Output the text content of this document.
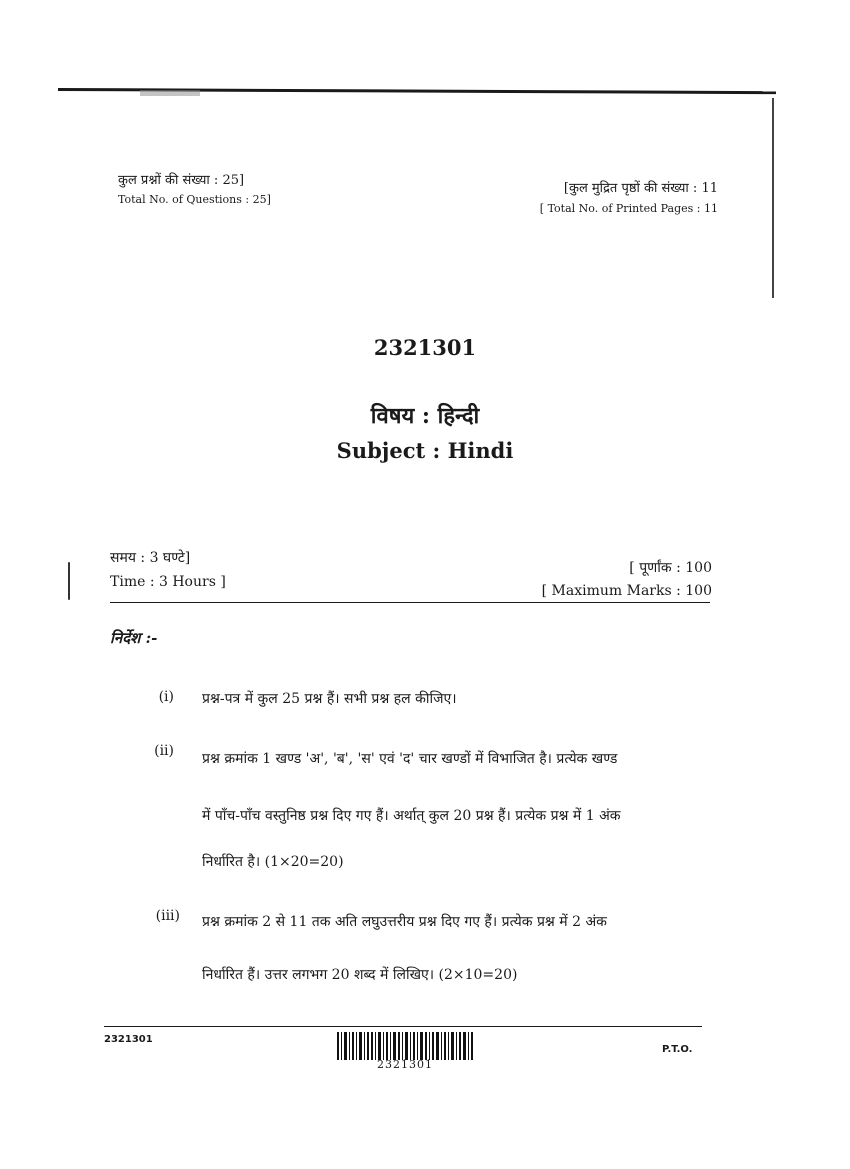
कुल प्रश्नों की संख्या : 25]
Total No. of Questions : 25]
[कुल मुद्रित पृष्ठों की संख्या : 11
[ Total No. of Printed Pages : 11
2321301
विषय : हिन्दी
Subject : Hindi
समय : 3 घण्टे]
Time : 3 Hours ]
[ पूर्णांक : 100
[ Maximum Marks : 100
निर्देश :-
(i) प्रश्न-पत्र में कुल 25 प्रश्न हैं। सभी प्रश्न हल कीजिए।
(ii) प्रश्न क्रमांक 1 खण्ड 'अ', 'ब', 'स' एवं 'द' चार खण्डों में विभाजित है। प्रत्येक खण्ड
में पाँच-पाँच वस्तुनिष्ठ प्रश्न दिए गए हैं। अर्थात् कुल 20 प्रश्न हैं। प्रत्येक प्रश्न में 1 अंक
निर्धारित है। (1×20=20)
(iii) प्रश्न क्रमांक 2 से 11 तक अति लघुउत्तरीय प्रश्न दिए गए हैं। प्रत्येक प्रश्न में 2 अंक
निर्धारित हैं। उत्तर लगभग 20 शब्द में लिखिए। (2×10=20)
2321301
2321301
P.T.O.
